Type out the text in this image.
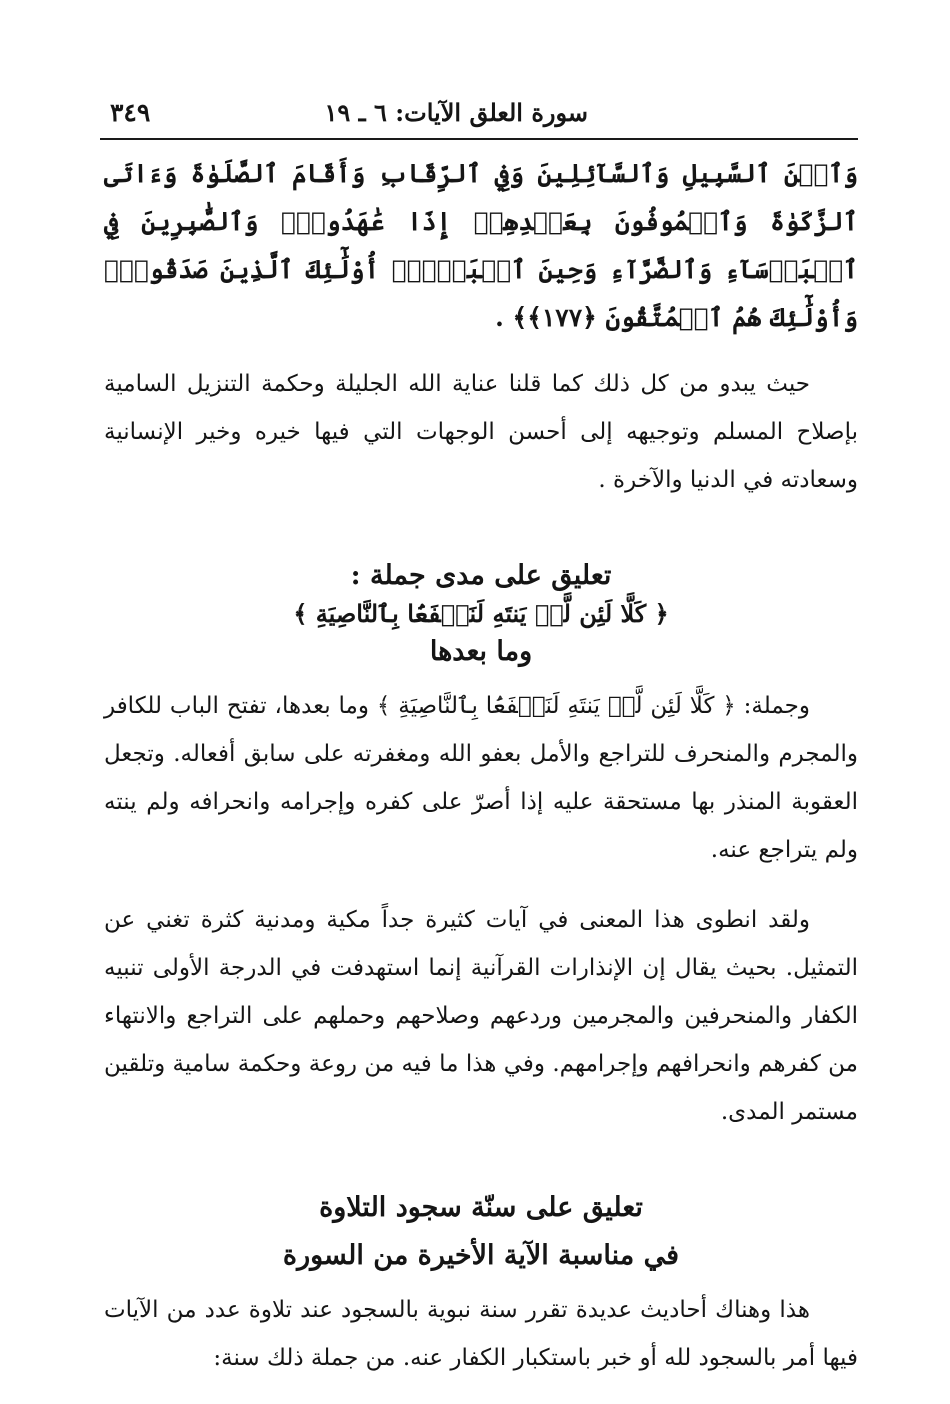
٣٤٩	سورة العلق الآيات: ٦ ـ ١٩

وَٱبۡنَ ٱلسَّبِيلِ وَٱلسَّآئِلِينَ وَفِي ٱلرِّقَابِ وَأَقَامَ ٱلصَّلَوٰةَ وَءَاتَى ٱلزَّكَوٰةَ وَٱلۡمُوفُونَ بِعَهۡدِهِمۡ إِذَا عَٰهَدُواْۖ وَٱلصَّٰبِرِينَ فِي ٱلۡبَأۡسَآءِ وَٱلضَّرَّآءِ وَحِينَ ٱلۡبَأۡسِۗ أُوْلَٰٓئِكَ ٱلَّذِينَ صَدَقُواْۖ وَأُوْلَٰٓئِكَ هُمُ ٱلۡمُتَّقُونَ ﴿١٧٧﴾﴾ .

حيث يبدو من كل ذلك كما قلنا عناية الله الجليلة وحكمة التنزيل السامية بإصلاح المسلم وتوجيهه إلى أحسن الوجهات التي فيها خيره وخير الإنسانية وسعادته في الدنيا والآخرة .

تعليق على مدى جملة :

﴿ كَلَّا لَئِن لَّمۡ يَنتَهِ لَنَسۡفَعَۢا بِٱلنَّاصِيَةِ ﴾

وما بعدها

وجملة: ﴿ كَلَّا لَئِن لَّمۡ يَنتَهِ لَنَسۡفَعَۢا بِٱلنَّاصِيَةِ ﴾ وما بعدها، تفتح الباب للكافر والمجرم والمنحرف للتراجع والأمل بعفو الله ومغفرته على سابق أفعاله. وتجعل العقوبة المنذر بها مستحقة عليه إذا أصرّ على كفره وإجرامه وانحرافه ولم ينته ولم يتراجع عنه.

ولقد انطوى هذا المعنى في آيات كثيرة جداً مكية ومدنية كثرة تغني عن التمثيل. بحيث يقال إن الإنذارات القرآنية إنما استهدفت في الدرجة الأولى تنبيه الكفار والمنحرفين والمجرمين وردعهم وصلاحهم وحملهم على التراجع والانتهاء من كفرهم وانحرافهم وإجرامهم. وفي هذا ما فيه من روعة وحكمة سامية وتلقين مستمر المدى.

تعليق على سنّة سجود التلاوة

في مناسبة الآية الأخيرة من السورة

هذا وهناك أحاديث عديدة تقرر سنة نبوية بالسجود عند تلاوة عدد من الآيات فيها أمر بالسجود لله أو خبر باستكبار الكفار عنه. من جملة ذلك سنة:
